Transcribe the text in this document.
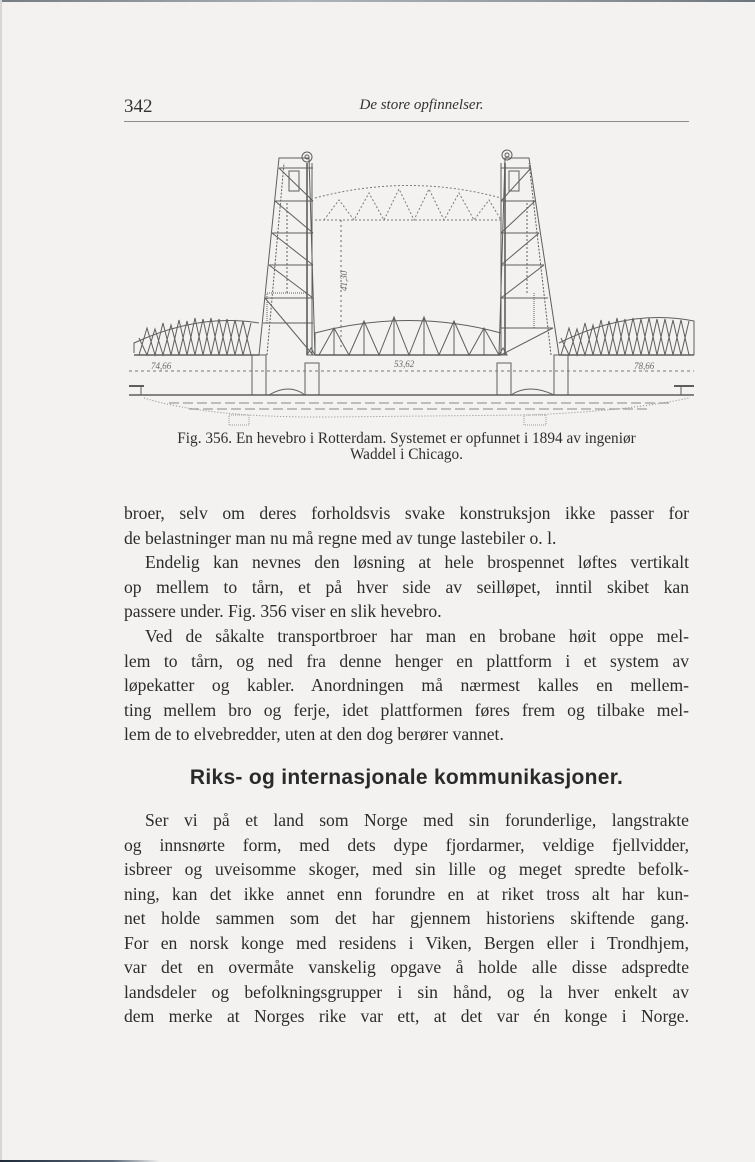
342	De store opfinnelser.
74,66	53,62	78,66
41,30
Fig. 356. En hevebro i Rotterdam. Systemet er opfunnet i 1894 av ingeniør
Waddel i Chicago.
broer, selv om deres forholdsvis svake konstruksjon ikke passer for
de belastninger man nu må regne med av tunge lastebiler o. l.
Endelig kan nevnes den løsning at hele brospennet løftes vertikalt
op mellem to tårn, et på hver side av seilløpet, inntil skibet kan
passere under. Fig. 356 viser en slik hevebro.
Ved de såkalte transportbroer har man en brobane høit oppe mel-
lem to tårn, og ned fra denne henger en plattform i et system av
løpekatter og kabler. Anordningen må nærmest kalles en mellem-
ting mellem bro og ferje, idet plattformen føres frem og tilbake mel-
lem de to elvebredder, uten at den dog berører vannet.
Riks- og internasjonale kommunikasjoner.
Ser vi på et land som Norge med sin forunderlige, langstrakte
og innsnørte form, med dets dype fjordarmer, veldige fjellvidder,
isbreer og uveisomme skoger, med sin lille og meget spredte befolk-
ning, kan det ikke annet enn forundre en at riket tross alt har kun-
net holde sammen som det har gjennem historiens skiftende gang.
For en norsk konge med residens i Viken, Bergen eller i Trondhjem,
var det en overmåte vanskelig opgave å holde alle disse adspredte
landsdeler og befolkningsgrupper i sin hånd, og la hver enkelt av
dem merke at Norges rike var ett, at det var én konge i Norge.
